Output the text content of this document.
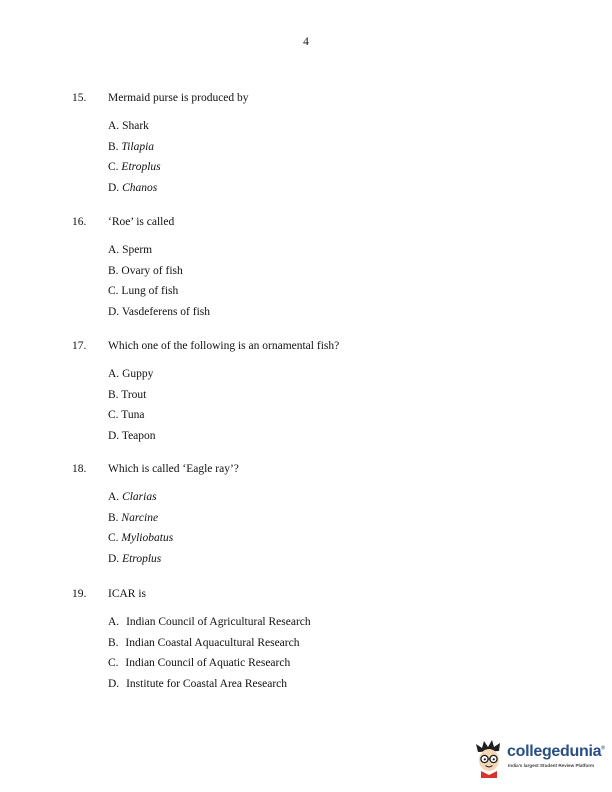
4
15. Mermaid purse is produced by
A. Shark
B. Tilapia
C. Etroplus
D. Chanos
16. ‘Roe’ is called
A. Sperm
B. Ovary of fish
C. Lung of fish
D. Vasdeferens of fish
17. Which one of the following is an ornamental fish?
A. Guppy
B. Trout
C. Tuna
D. Teapon
18. Which is called ‘Eagle ray’?
A. Clarias
B. Narcine
C. Myliobatus
D. Etroplus
19. ICAR is
A. Indian Council of Agricultural Research
B. Indian Coastal Aquacultural Research
C. Indian Council of Aquatic Research
D. Institute for Coastal Area Research
collegedunia®
India's largest Student Review Platform
